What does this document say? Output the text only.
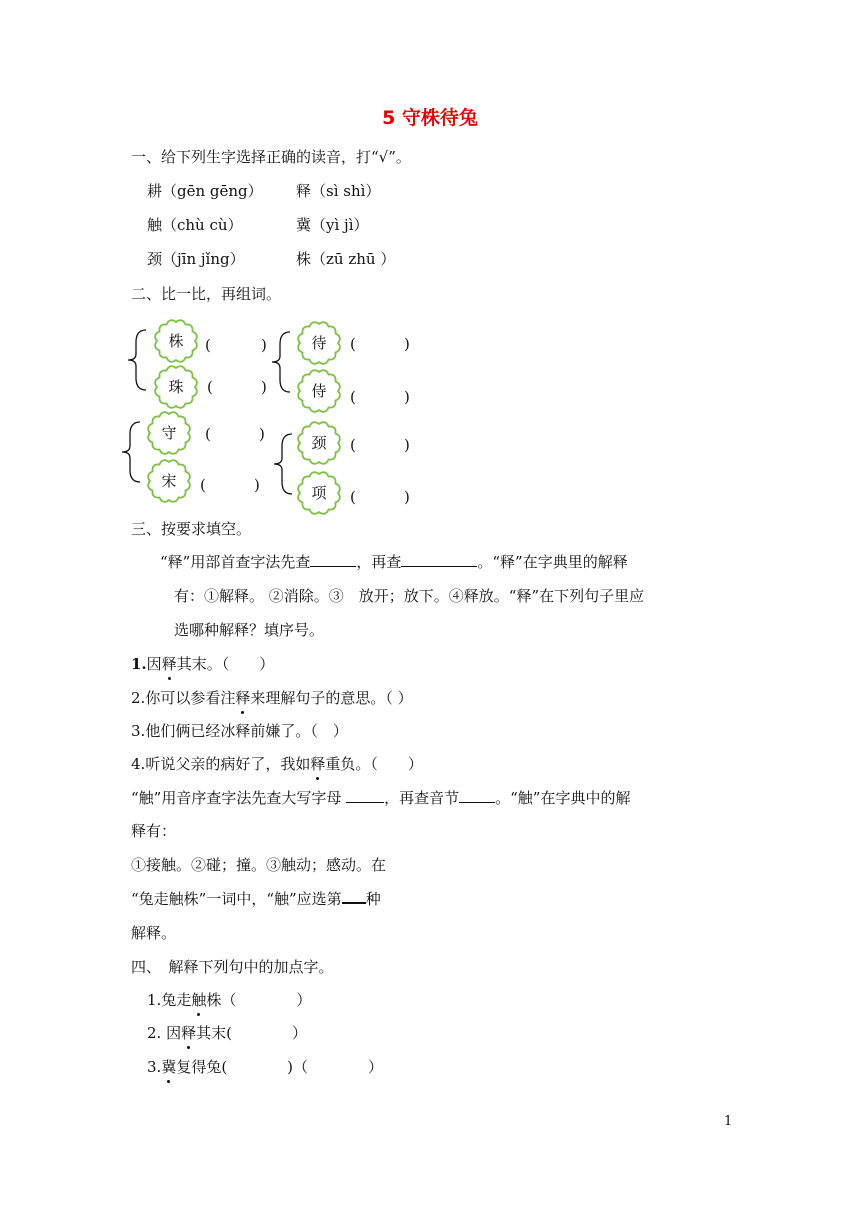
5 守株待兔
一、给下列生字选择正确的读音，打“√”。
耕（gēn gēng） 释（sì shì）
触（chù cù）	冀（yì jì）
颈（jīn jǐng）	株（zū zhū ）
二、比一比，再组词。
株
珠
待
侍
守
宋
颈
项
(	)
(	)
(	)
(	)
(	)
(	)
(	)
(	)
三、按要求填空。
“释”用部首查字法先查	，再查	。“释”在字典里的解释
有：①解释。 ②消除。③　放开；放下。④释放。“释”在下列句子里应
选哪种解释？填序号。
1.因释其末。（　　）
2.你可以参看注释来理解句子的意思。（ ）
3.他们俩已经冰释前嫌了。（　）
4.听说父亲的病好了，我如释重负。（　　）
“触”用音序查字法先查大写字母	，再查音节 。“触”在字典中的解
释有：
①接触。②碰；撞。③触动；感动。在
“兔走触株”一词中，“触”应选第 种
解释。
四、　解释下列句中的加点字。
1.兔走触株（　　　　）
2. 因释其末(　　　　）
3.冀复得兔(　　　　)（　　　　）
1
